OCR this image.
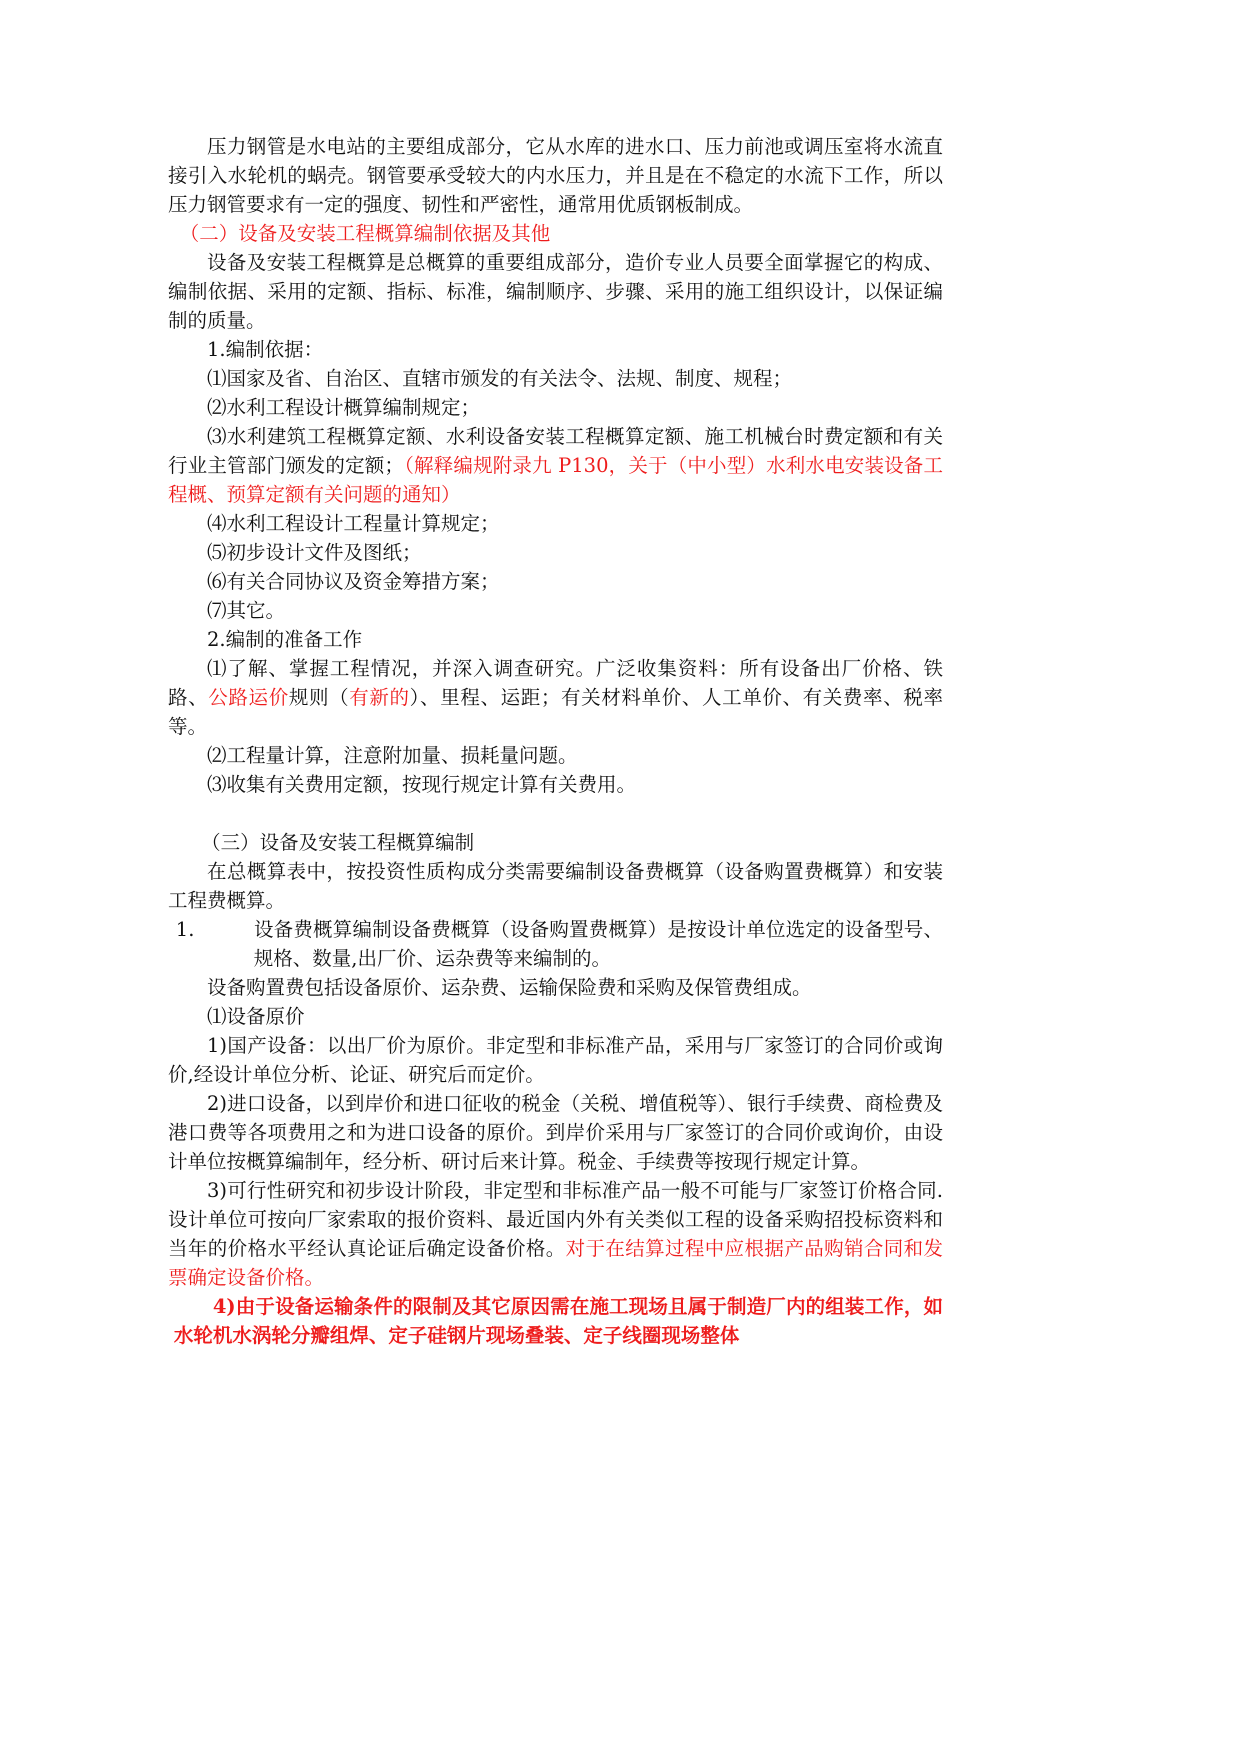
压力钢管是水电站的主要组成部分，它从水库的进水口、压力前池或调压室将水流直接引入水轮机的蜗壳。钢管要承受较大的内水压力，并且是在不稳定的水流下工作，所以压力钢管要求有一定的强度、韧性和严密性，通常用优质钢板制成。

（二）设备及安装工程概算编制依据及其他

设备及安装工程概算是总概算的重要组成部分，造价专业人员要全面掌握它的构成、编制依据、采用的定额、指标、标准，编制顺序、步骤、采用的施工组织设计，以保证编制的质量。

1.编制依据：

⑴国家及省、自治区、直辖市颁发的有关法令、法规、制度、规程；

⑵水利工程设计概算编制规定；

⑶水利建筑工程概算定额、水利设备安装工程概算定额、施工机械台时费定额和有关行业主管部门颁发的定额；（解释编规附录九 P130，关于（中小型）水利水电安装设备工程概、预算定额有关问题的通知）

⑷水利工程设计工程量计算规定；

⑸初步设计文件及图纸；

⑹有关合同协议及资金筹措方案；

⑺其它。

2.编制的准备工作

⑴了解、掌握工程情况，并深入调查研究。广泛收集资料：所有设备出厂价格、铁路、公路运价规则（有新的）、里程、运距；有关材料单价、人工单价、有关费率、税率等。

⑵工程量计算，注意附加量、损耗量问题。

⑶收集有关费用定额，按现行规定计算有关费用。

（三）设备及安装工程概算编制

在总概算表中，按投资性质构成分类需要编制设备费概算（设备购置费概算）和安装工程费概算。

1.	设备费概算编制设备费概算（设备购置费概算）是按设计单位选定的设备型号、规格、数量,出厂价、运杂费等来编制的。

设备购置费包括设备原价、运杂费、运输保险费和采购及保管费组成。

⑴设备原价

1)国产设备：以出厂价为原价。非定型和非标准产品，采用与厂家签订的合同价或询价,经设计单位分析、论证、研究后而定价。

2)进口设备，以到岸价和进口征收的税金（关税、增值税等）、银行手续费、商检费及港口费等各项费用之和为进口设备的原价。到岸价采用与厂家签订的合同价或询价，由设计单位按概算编制年，经分析、研讨后来计算。税金、手续费等按现行规定计算。

3)可行性研究和初步设计阶段，非定型和非标准产品一般不可能与厂家签订价格合同.设计单位可按向厂家索取的报价资料、最近国内外有关类似工程的设备采购招投标资料和当年的价格水平经认真论证后确定设备价格。对于在结算过程中应根据产品购销合同和发票确定设备价格。

4)由于设备运输条件的限制及其它原因需在施工现场且属于制造厂内的组装工作，如水轮机水涡轮分瓣组焊、定子硅钢片现场叠装、定子线圈现场整体
